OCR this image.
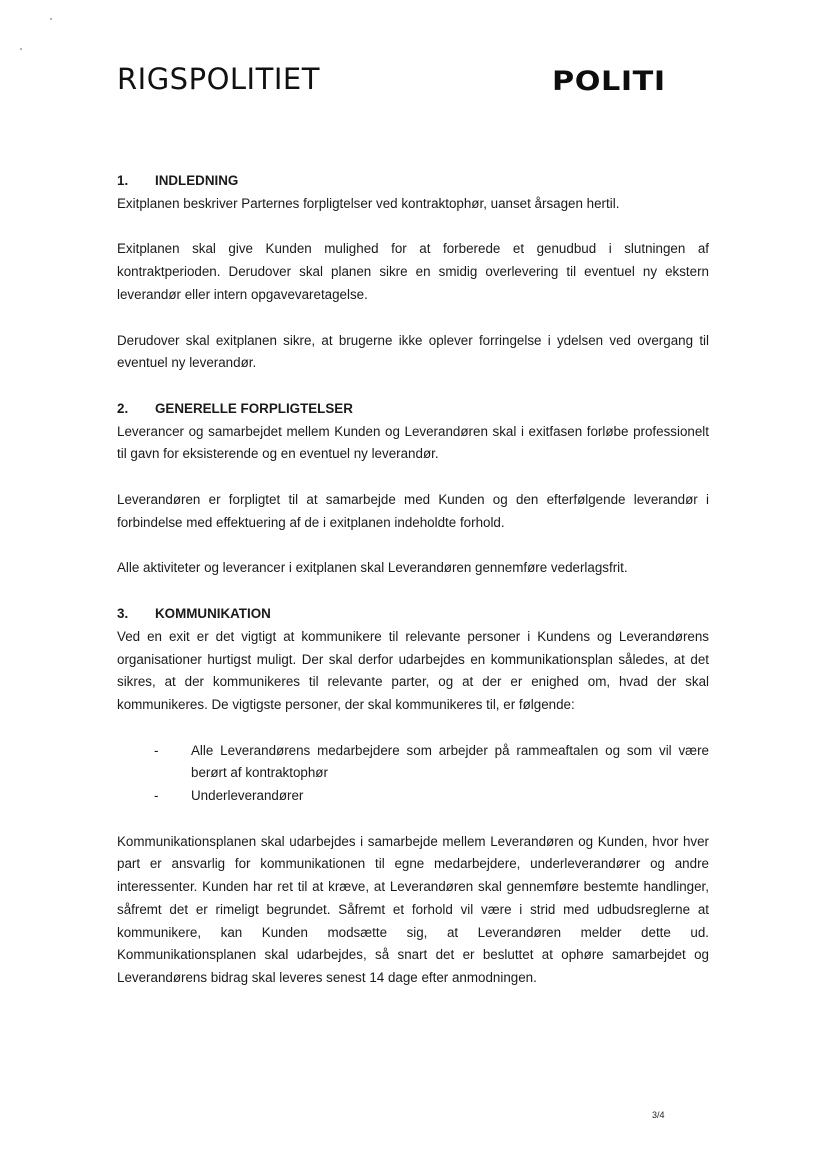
RIGSPOLITIET	POLITI
1.	INDLEDNING

Exitplanen beskriver Parternes forpligtelser ved kontraktophør, uanset årsagen hertil.

Exitplanen skal give Kunden mulighed for at forberede et genudbud i slutningen af kontraktperioden. Derudover skal planen sikre en smidig overlevering til eventuel ny ekstern leverandør eller intern opgavevaretagelse.

Derudover skal exitplanen sikre, at brugerne ikke oplever forringelse i ydelsen ved overgang til eventuel ny leverandør.

2.	GENERELLE FORPLIGTELSER

Leverancer og samarbejdet mellem Kunden og Leverandøren skal i exitfasen forløbe professionelt til gavn for eksisterende og en eventuel ny leverandør.

Leverandøren er forpligtet til at samarbejde med Kunden og den efterfølgende leverandør i forbindelse med effektuering af de i exitplanen indeholdte forhold.

Alle aktiviteter og leverancer i exitplanen skal Leverandøren gennemføre vederlagsfrit.

3.	KOMMUNIKATION

Ved en exit er det vigtigt at kommunikere til relevante personer i Kundens og Leverandørens organisationer hurtigst muligt. Der skal derfor udarbejdes en kommunikationsplan således, at det sikres, at der kommunikeres til relevante parter, og at der er enighed om, hvad der skal kommunikeres. De vigtigste personer, der skal kommunikeres til, er følgende:

- Alle Leverandørens medarbejdere som arbejder på rammeaftalen og som vil være berørt af kontraktophør
- Underleverandører

Kommunikationsplanen skal udarbejdes i samarbejde mellem Leverandøren og Kunden, hvor hver part er ansvarlig for kommunikationen til egne medarbejdere, underleverandører og andre interessenter. Kunden har ret til at kræve, at Leverandøren skal gennemføre bestemte handlinger, såfremt det er rimeligt begrundet. Såfremt et forhold vil være i strid med udbudsreglerne at kommunikere, kan Kunden modsætte sig, at Leverandøren melder dette ud. Kommunikationsplanen skal udarbejdes, så snart det er besluttet at ophøre samarbejdet og Leverandørens bidrag skal leveres senest 14 dage efter anmodningen.

3/4
